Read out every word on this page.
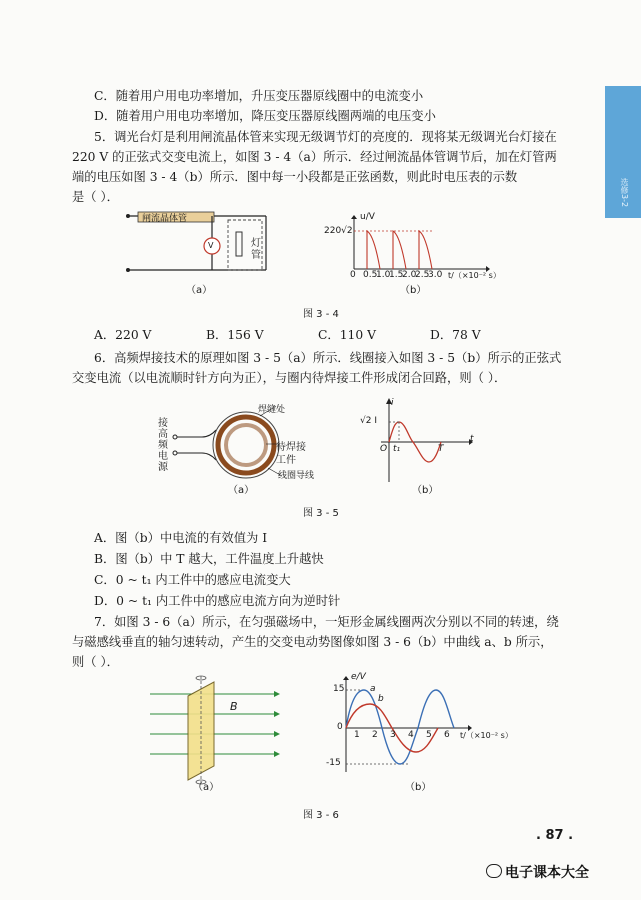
选修3-2
C．随着用户用电功率增加，升压变压器原线圈中的电流变小
D．随着用户用电功率增加，降压变压器原线圈两端的电压变小
5．调光台灯是利用闸流晶体管来实现无级调节灯的亮度的．现将某无级调光台灯接在
220 V 的正弦式交变电流上，如图 3 - 4（a）所示．经过闸流晶体管调节后，加在灯管两
端的电压如图 3 - 4（b）所示．图中每一小段都是正弦函数，则此时电压表的示数
是（ ）．
闸流晶体管
V	灯管
（a）
u/V
220√2
0 0.5
1.0
1.5
2.0
2.5
3.0 t/（×10⁻² s）
（b）
图 3 - 4
A．220 V	B．156 V	C．110 V	D．78 V
6．高频焊接技术的原理如图 3 - 5（a）所示．线圈接入如图 3 - 5（b）所示的正弦式
交变电流（以电流顺时针方向为正），与圈内待焊接工件形成闭合回路，则（ ）．
接高频电源
焊缝处
待焊接
工件
线圈导线
（a）
i
√2 I
O t₁	T
t
（b）
图 3 - 5
A．图（b）中电流的有效值为 I
B．图（b）中 T 越大，工件温度上升越快
C．0 ~ t₁ 内工件中的感应电流变大
D．0 ~ t₁ 内工件中的感应电流方向为逆时针
7．如图 3 - 6（a）所示，在匀强磁场中，一矩形金属线圈两次分别以不同的转速，绕
与磁感线垂直的轴匀速转动，产生的交变电动势图像如图 3 - 6（b）中曲线 a、b 所示，
则（ ）．
B
（a）
e/V
15
-15
0
a
b
1 2 3 4 5 6 t/（×10⁻² s）
（b）
图 3 - 6
. 87 .
电子课本大全
